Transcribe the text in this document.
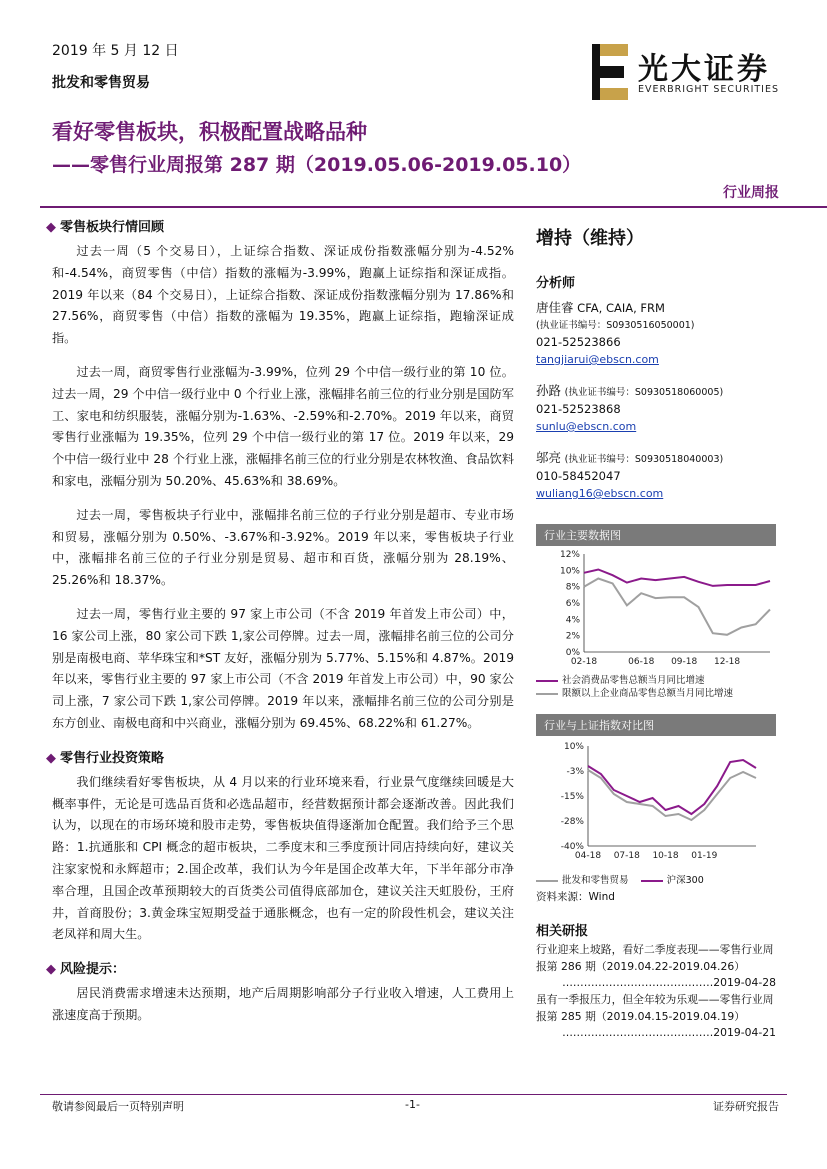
2019 年 5 月 12 日
批发和零售贸易	光大证券
EVERBRIGHT SECURITIES
看好零售板块，积极配置战略品种
——零售行业周报第 287 期（2019.05.06-2019.05.10）
行业周报
◆ 零售板块行情回顾

过去一周（5 个交易日），上证综合指数、深证成份指数涨幅分别为-4.52%和-4.54%，商贸零售（中信）指数的涨幅为-3.99%，跑赢上证综指和深证成指。2019 年以来（84 个交易日），上证综合指数、深证成份指数涨幅分别为 17.86%和 27.56%，商贸零售（中信）指数的涨幅为 19.35%，跑赢上证综指，跑输深证成指。

过去一周，商贸零售行业涨幅为-3.99%，位列 29 个中信一级行业的第 10 位。过去一周，29 个中信一级行业中 0 个行业上涨，涨幅排名前三位的行业分别是国防军工、家电和纺织服装，涨幅分别为-1.63%、-2.59%和-2.70%。2019 年以来，商贸零售行业涨幅为 19.35%，位列 29 个中信一级行业的第 17 位。2019 年以来，29 个中信一级行业中 28 个行业上涨，涨幅排名前三位的行业分别是农林牧渔、食品饮料和家电，涨幅分别为 50.20%、45.63%和 38.69%。

过去一周，零售板块子行业中，涨幅排名前三位的子行业分别是超市、专业市场和贸易，涨幅分别为 0.50%、-3.67%和-3.92%。2019 年以来，零售板块子行业中，涨幅排名前三位的子行业分别是贸易、超市和百货，涨幅分别为 28.19%、25.26%和 18.37%。

过去一周，零售行业主要的 97 家上市公司（不含 2019 年首发上市公司）中，16 家公司上涨，80 家公司下跌 1,家公司停牌。过去一周，涨幅排名前三位的公司分别是南极电商、苹华珠宝和*ST 友好，涨幅分别为 5.77%、5.15%和 4.87%。2019 年以来，零售行业主要的 97 家上市公司（不含 2019 年首发上市公司）中，90 家公司上涨，7 家公司下跌 1,家公司停牌。2019 年以来，涨幅排名前三位的公司分别是东方创业、南极电商和中兴商业，涨幅分别为 69.45%、68.22%和 61.27%。

◆ 零售行业投资策略

我们继续看好零售板块，从 4 月以来的行业环境来看，行业景气度继续回暖是大概率事件，无论是可选品百货和必选品超市，经营数据预计都会逐渐改善。因此我们认为，以现在的市场环境和股市走势，零售板块值得逐渐加仓配置。我们给予三个思路：1.抗通胀和 CPI 概念的超市板块，二季度末和三季度预计同店持续向好，建议关注家家悦和永辉超市；2.国企改革，我们认为今年是国企改革大年，下半年部分市净率合理，且国企改革预期较大的百货类公司值得底部加仓，建议关注天虹股份，王府井，首商股份；3.黄金珠宝短期受益于通胀概念，也有一定的阶段性机会，建议关注老凤祥和周大生。

◆ 风险提示：

居民消费需求增速未达预期，地产后周期影响部分子行业收入增速，人工费用上涨速度高于预期。

增持（维持）
分析师
唐佳睿 CFA, CAIA, FRM
(执业证书编号：S0930516050001)
021-52523866
tangjiarui@ebscn.com
孙路 (执业证书编号：S0930518060005)
021-52523868
sunlu@ebscn.com
邬亮 (执业证书编号：S0930518040003)
010-58452047
wuliang16@ebscn.com
行业主要数据图
12%
10%
8%
6%
4%
2%
0%
02-18	06-18 09-18 12-18
社会消费品零售总额当月同比增速
限额以上企业商品零售总额当月同比增速
行业与上证指数对比图
10%
-3%
-15%
-28%
-40%
04-18 07-18 10-18 01-19
批发和零售贸易	沪深300
资料来源：Wind
相关研报
行业迎来上坡路，看好二季度表现——零售行业周报第 286 期（2019.04.22-2019.04.26）
……………………………………2019-04-28
虽有一季报压力，但全年较为乐观——零售行业周报第 285 期（2019.04.15-2019.04.19）
……………………………………2019-04-21
敬请参阅最后一页特别声明	-1-	证券研究报告
